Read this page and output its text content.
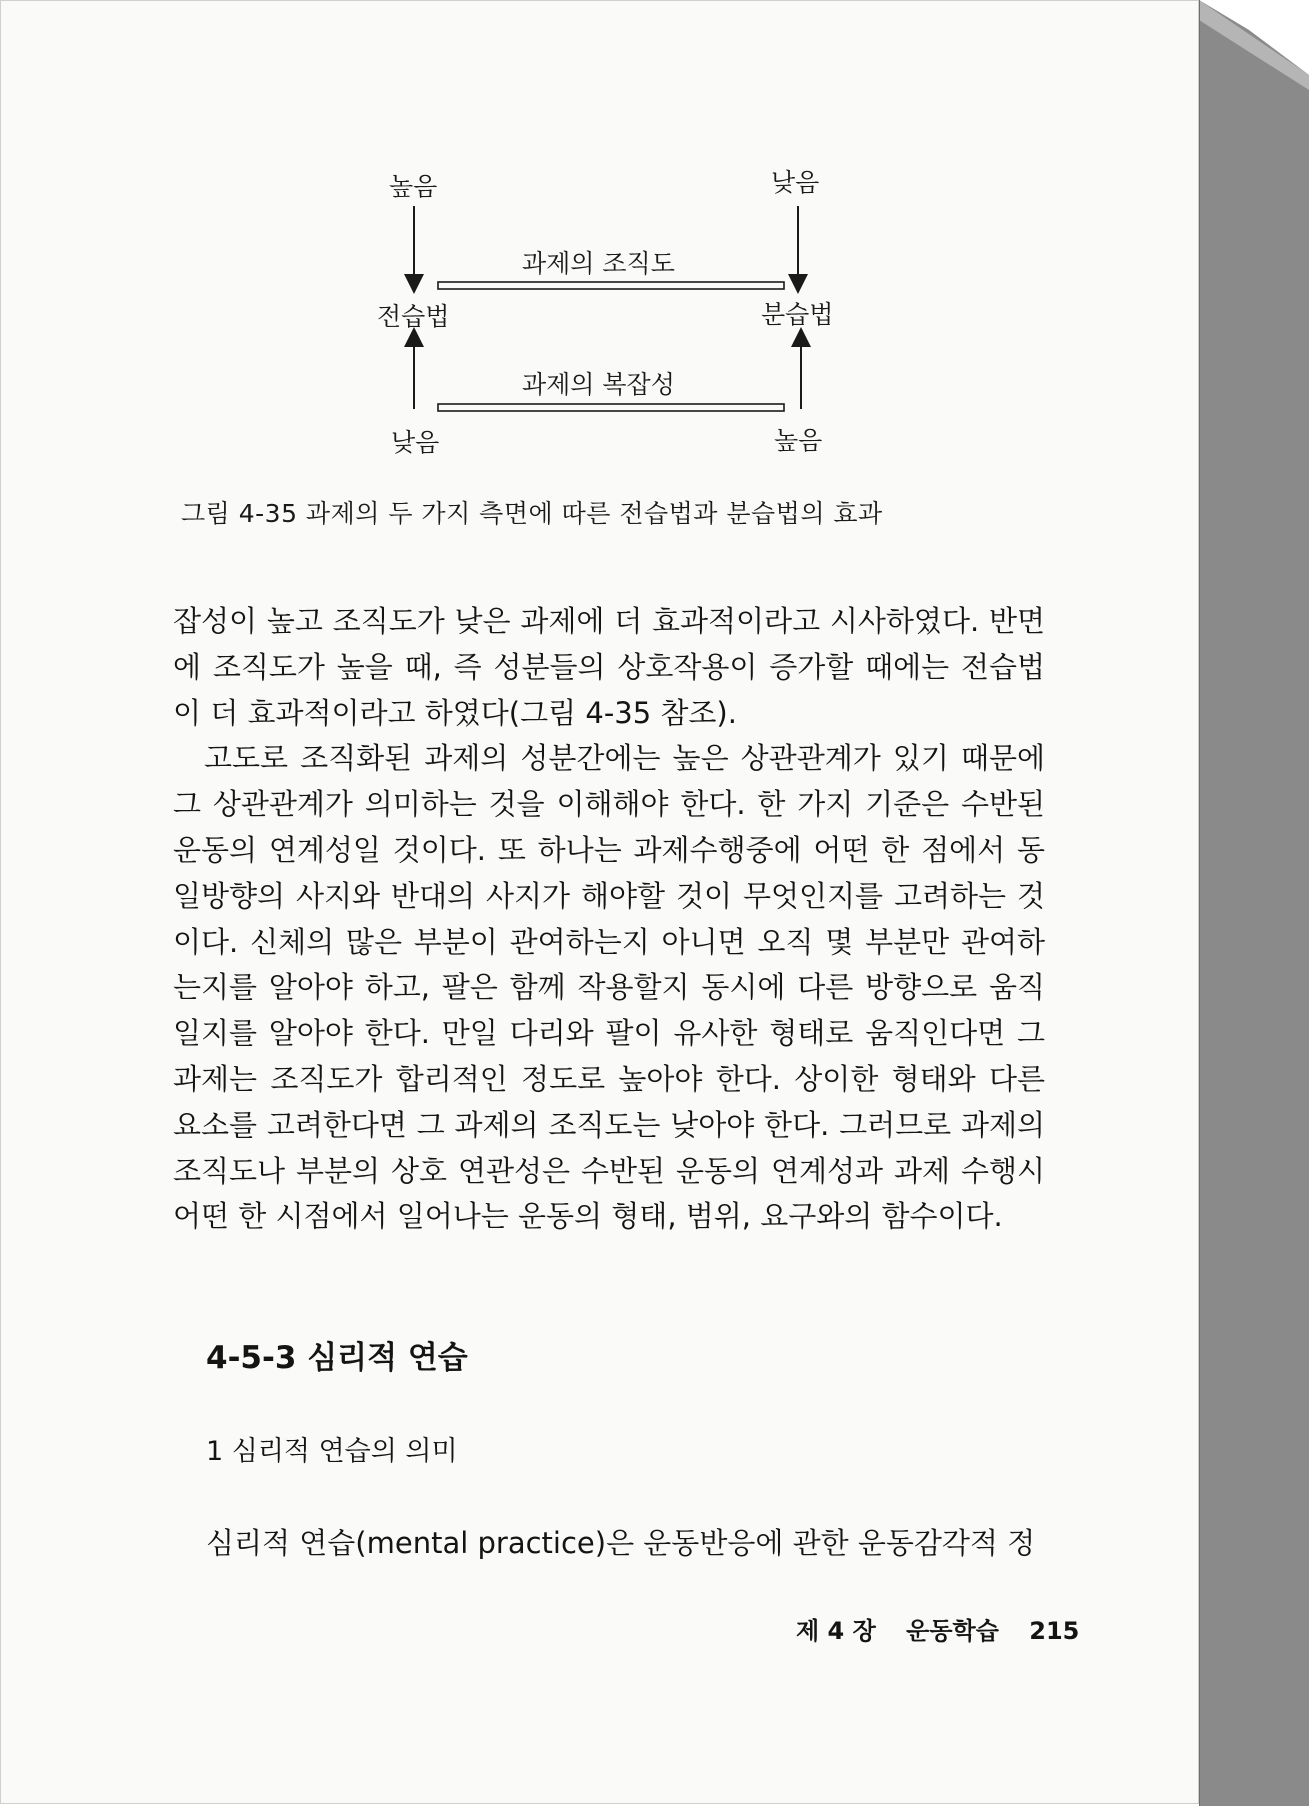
높음	낮음
과제의 조직도
전습법	분습법
과제의 복잡성
낮음	높음
그림 4-35 과제의 두 가지 측면에 따른 전습법과 분습법의 효과

잡성이 높고 조직도가 낮은 과제에 더 효과적이라고 시사하였다. 반면에 조직도가 높을 때, 즉 성분들의 상호작용이 증가할 때에는 전습법이 더 효과적이라고 하였다(그림 4-35 참조).

고도로 조직화된 과제의 성분간에는 높은 상관관계가 있기 때문에 그 상관관계가 의미하는 것을 이해해야 한다. 한 가지 기준은 수반된 운동의 연계성일 것이다. 또 하나는 과제수행중에 어떤 한 점에서 동일방향의 사지와 반대의 사지가 해야할 것이 무엇인지를 고려하는 것이다. 신체의 많은 부분이 관여하는지 아니면 오직 몇 부분만 관여하는지를 알아야 하고, 팔은 함께 작용할지 동시에 다른 방향으로 움직일지를 알아야 한다. 만일 다리와 팔이 유사한 형태로 움직인다면 그 과제는 조직도가 합리적인 정도로 높아야 한다. 상이한 형태와 다른 요소를 고려한다면 그 과제의 조직도는 낮아야 한다. 그러므로 과제의 조직도나 부분의 상호 연관성은 수반된 운동의 연계성과 과제 수행시 어떤 한 시점에서 일어나는 운동의 형태, 범위, 요구와의 함수이다.

4-5-3 심리적 연습
1 심리적 연습의 의미
심리적 연습(mental practice)은 운동반응에 관한 운동감각적 정
제 4 장 운동학습 215
